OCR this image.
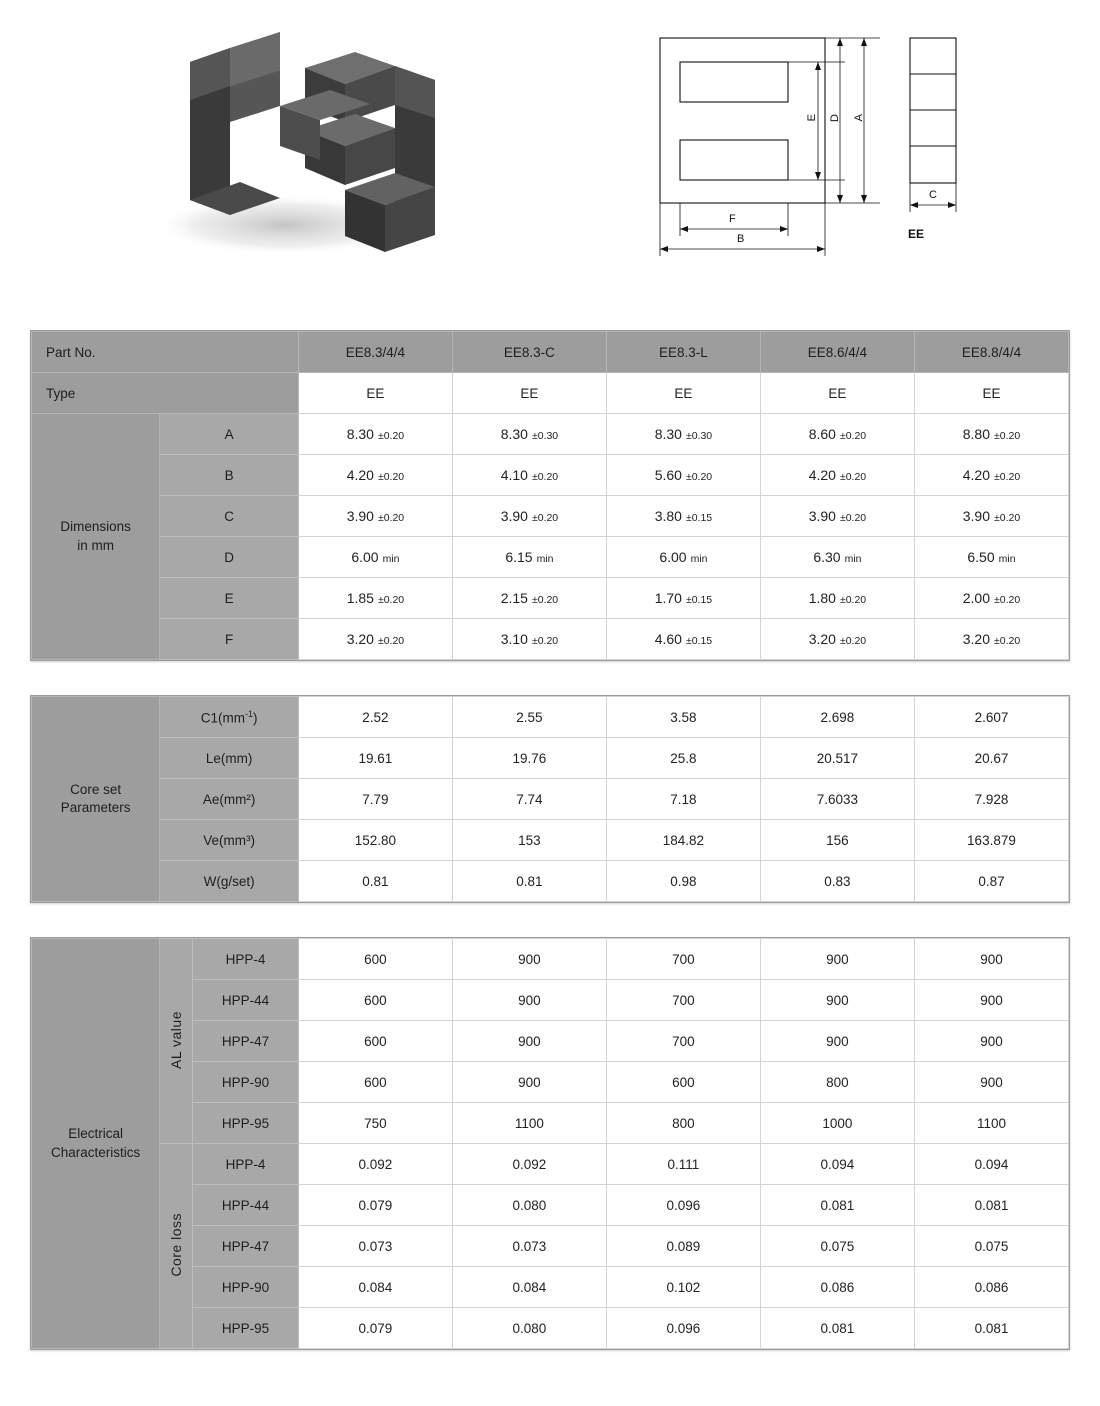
E D A
F
B
C
EE
Part No.		EE8.3/4/4	EE8.3-C	EE8.3-L	EE8.6/4/4	EE8.8/4/4
Type		EE	EE	EE	EE	EE
Dimensions
in mm	A	8.30 ±0.20	8.30 ±0.30	8.30 ±0.30	8.60 ±0.20	8.80 ±0.20
	B	4.20 ±0.20	4.10 ±0.20	5.60 ±0.20	4.20 ±0.20	4.20 ±0.20
	C	3.90 ±0.20	3.90 ±0.20	3.80 ±0.15	3.90 ±0.20	3.90 ±0.20
	D	6.00 min	6.15 min	6.00 min	6.30 min	6.50 min
	E	1.85 ±0.20	2.15 ±0.20	1.70 ±0.15	1.80 ±0.20	2.00 ±0.20
	F	3.20 ±0.20	3.10 ±0.20	4.60 ±0.15	3.20 ±0.20	3.20 ±0.20
Core set
Parameters	$C1(mm^{-1})$	2.52	2.55	3.58	2.698	2.607
	Le(mm)	19.61	19.76	25.8	20.517	20.67
	Ae(mm²)	7.79	7.74	7.18	7.6033	7.928
	Ve(mm³)	152.80	153	184.82	156	163.879
	W(g/set)	0.81	0.81	0.98	0.83	0.87
Electrical
Characteristics	AL value	HPP-4	600	900	700	900	900
		HPP-44	600	900	700	900	900
		HPP-47	600	900	700	900	900
		HPP-90	600	900	600	800	900
		HPP-95	750	1100	800	1000	1100
	Core loss	HPP-4	0.092	0.092	0.111	0.094	0.094
		HPP-44	0.079	0.080	0.096	0.081	0.081
		HPP-47	0.073	0.073	0.089	0.075	0.075
		HPP-90	0.084	0.084	0.102	0.086	0.086
		HPP-95	0.079	0.080	0.096	0.081	0.081
